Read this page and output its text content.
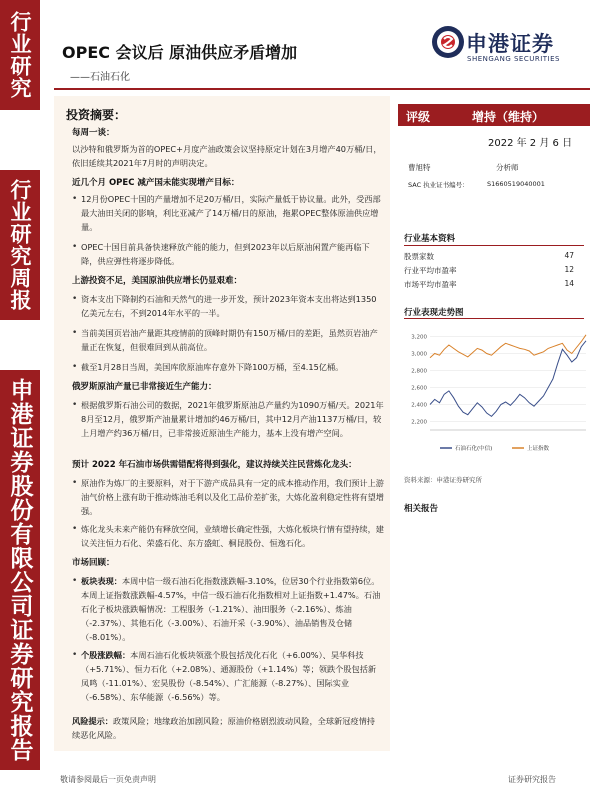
行业研究
行业研究周报
申港证券股份有限公司证券研究报告
OPEC 会议后 原油供应矛盾增加
——石油石化
申港证券
SHENGANG SECURITIES
投资摘要：
每周一谈：
以沙特和俄罗斯为首的OPEC+月度产油政策会议坚持原定计划在3月增产40万桶/日，依旧延续其2021年7月时的声明决定。
近几个月 OPEC 减产国未能实现增产目标：
• 12月份OPEC十国的产量增加不足20万桶/日，实际产量低于协议量。此外，受西部最大油田关闭的影响，利比亚减产了14万桶/日的原油，拖累OPEC整体原油供应增量。
• OPEC十国目前具备快速释放产能的能力，但到2023年以后原油闲置产能再临下降，供应弹性将逐步降低。
上游投资不足，美国原油供应增长仍显艰难：
• 资本支出下降制约石油和天然气的进一步开发，预计2023年资本支出将达到1350亿美元左右，不到2014年水平的一半。
• 当前美国页岩油产量距其疫情前的顶峰时期仍有150万桶/日的差距，虽然页岩油产量正在恢复，但很难回到从前高位。
• 截至1月28日当周，美国库欣原油库存意外下降100万桶，至4.15亿桶。
俄罗斯原油产量已非常接近生产能力：
• 根据俄罗斯石油公司的数据，2021年俄罗斯原油总产量约为1090万桶/天。2021年8月至12月，俄罗斯产油量累计增加约46万桶/日，其中12月产油1137万桶/日，较上月增产约36万桶/日，已非常接近原油生产能力，基本上没有增产空间。
预计 2022 年石油市场供需错配将得到强化，建议持续关注民营炼化龙头：
• 原油作为炼厂的主要原料，对于下游产成品具有一定的成本推动作用，我们预计上游油气价格上涨有助于推动炼油毛利以及化工品价差扩张，大炼化盈利稳定性将有望增强。
• 炼化龙头未来产能仍有释放空间，业绩增长确定性强，大炼化板块行情有望持续，建议关注恒力石化、荣盛石化、东方盛虹、桐昆股份、恒逸石化。
市场回顾：
• 板块表现：本周中信一级石油石化指数涨跌幅-3.10%，位居30个行业指数第6位。本周上证指数涨跌幅-4.57%，中信一级石油石化指数相对上证指数+1.47%。石油石化子板块涨跌幅情况：工程服务（-1.21%）、油田服务（-2.16%）、炼油（-2.37%）、其他石化（-3.00%）、石油开采（-3.90%）、油品销售及仓储（-8.01%）。
• 个股涨跌幅：本周石油石化板块领涨个股包括茂化石化（+6.00%）、昊华科技（+5.71%）、恒力石化（+2.08%）、通源股份（+1.14%）等；领跌个股包括新凤鸣（-11.01%）、宏昊股份（-8.54%）、广汇能源（-8.27%）、国际实业（-6.58%）、东华能源（-6.56%）等。
风险提示：政策风险；地缘政治加剧风险；原油价格剧烈波动风险，全球新冠疫情持续恶化风险。
评级	增持（维持）
2022 年 2 月 6 日
曹旭特	分析师
SAC 执业证书编号：	S1660519040001
行业基本资料
股票家数	47
行业平均市盈率	12
市场平均市盈率	14
行业表现走势图
3,200
3,000
2,800
2,600
2,400
2,200
石油石化(中信)	上证指数
资料来源：申港证券研究所
相关报告
敬请参阅最后一页免责声明	证券研究报告
